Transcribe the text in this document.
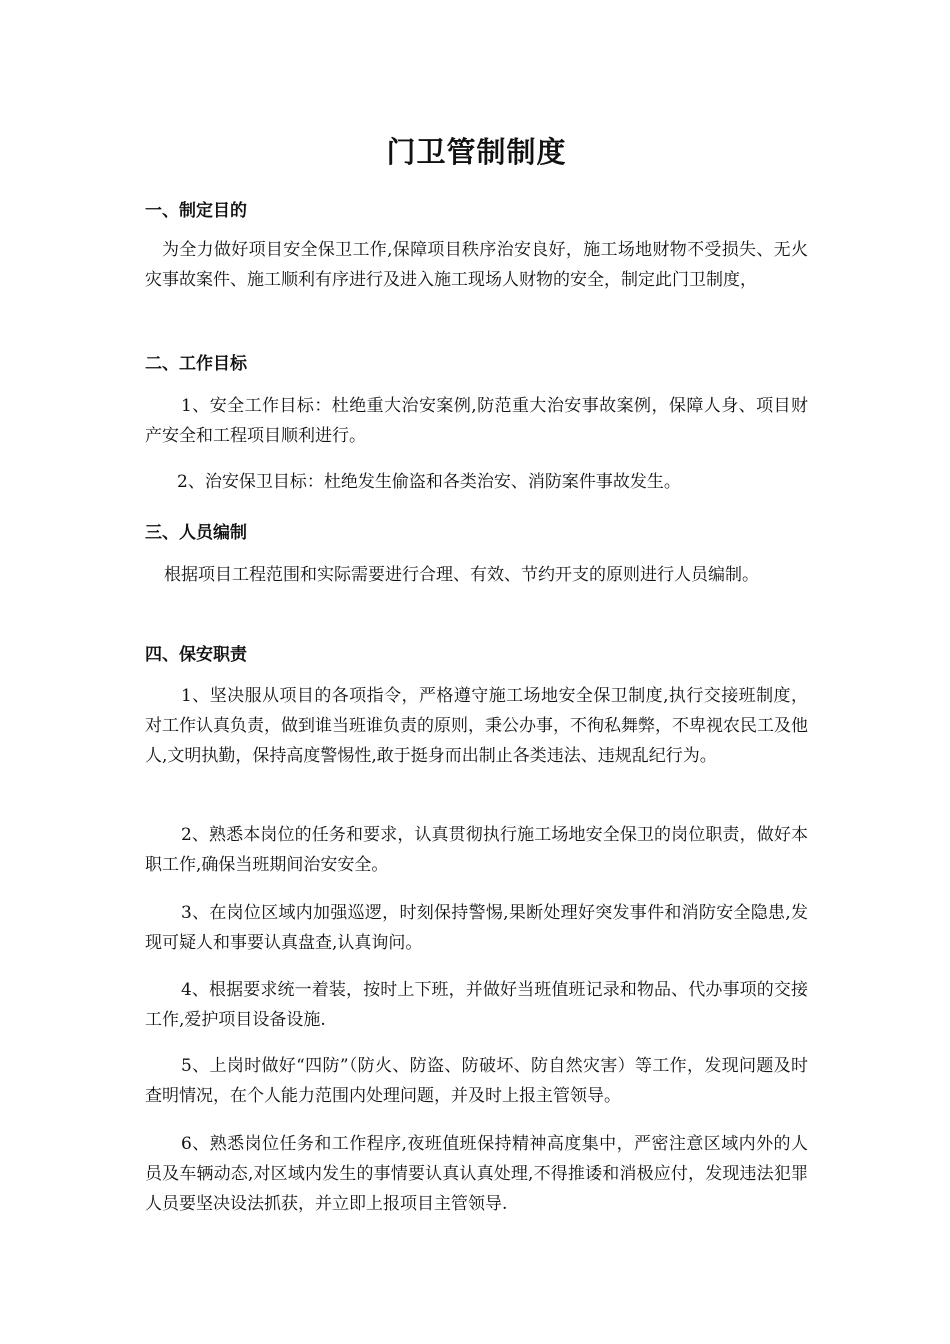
门卫管制制度

一、制定目的

为全力做好项目安全保卫工作,保障项目秩序治安良好，施工场地财物不受损失、无火灾事故案件、施工顺利有序进行及进入施工现场人财物的安全，制定此门卫制度，

二、工作目标

1、安全工作目标：杜绝重大治安案例,防范重大治安事故案例，保障人身、项目财产安全和工程项目顺利进行。

2、治安保卫目标：杜绝发生偷盗和各类治安、消防案件事故发生。

三、人员编制

根据项目工程范围和实际需要进行合理、有效、节约开支的原则进行人员编制。

四、保安职责

1、坚决服从项目的各项指令，严格遵守施工场地安全保卫制度,执行交接班制度，对工作认真负责，做到谁当班谁负责的原则，秉公办事，不徇私舞弊，不卑视农民工及他人,文明执勤，保持高度警惕性,敢于挺身而出制止各类违法、违规乱纪行为。

2、熟悉本岗位的任务和要求，认真贯彻执行施工场地安全保卫的岗位职责，做好本职工作,确保当班期间治安安全。

3、在岗位区域内加强巡逻，时刻保持警惕,果断处理好突发事件和消防安全隐患,发现可疑人和事要认真盘查,认真询问。

4、根据要求统一着装，按时上下班，并做好当班值班记录和物品、代办事项的交接工作,爱护项目设备设施.

5、上岗时做好“四防”（防火、防盗、防破坏、防自然灾害）等工作，发现问题及时查明情况，在个人能力范围内处理问题，并及时上报主管领导。

6、熟悉岗位任务和工作程序,夜班值班保持精神高度集中，严密注意区域内外的人员及车辆动态,对区域内发生的事情要认真认真处理,不得推诿和消极应付，发现违法犯罪人员要坚决设法抓获，并立即上报项目主管领导.
